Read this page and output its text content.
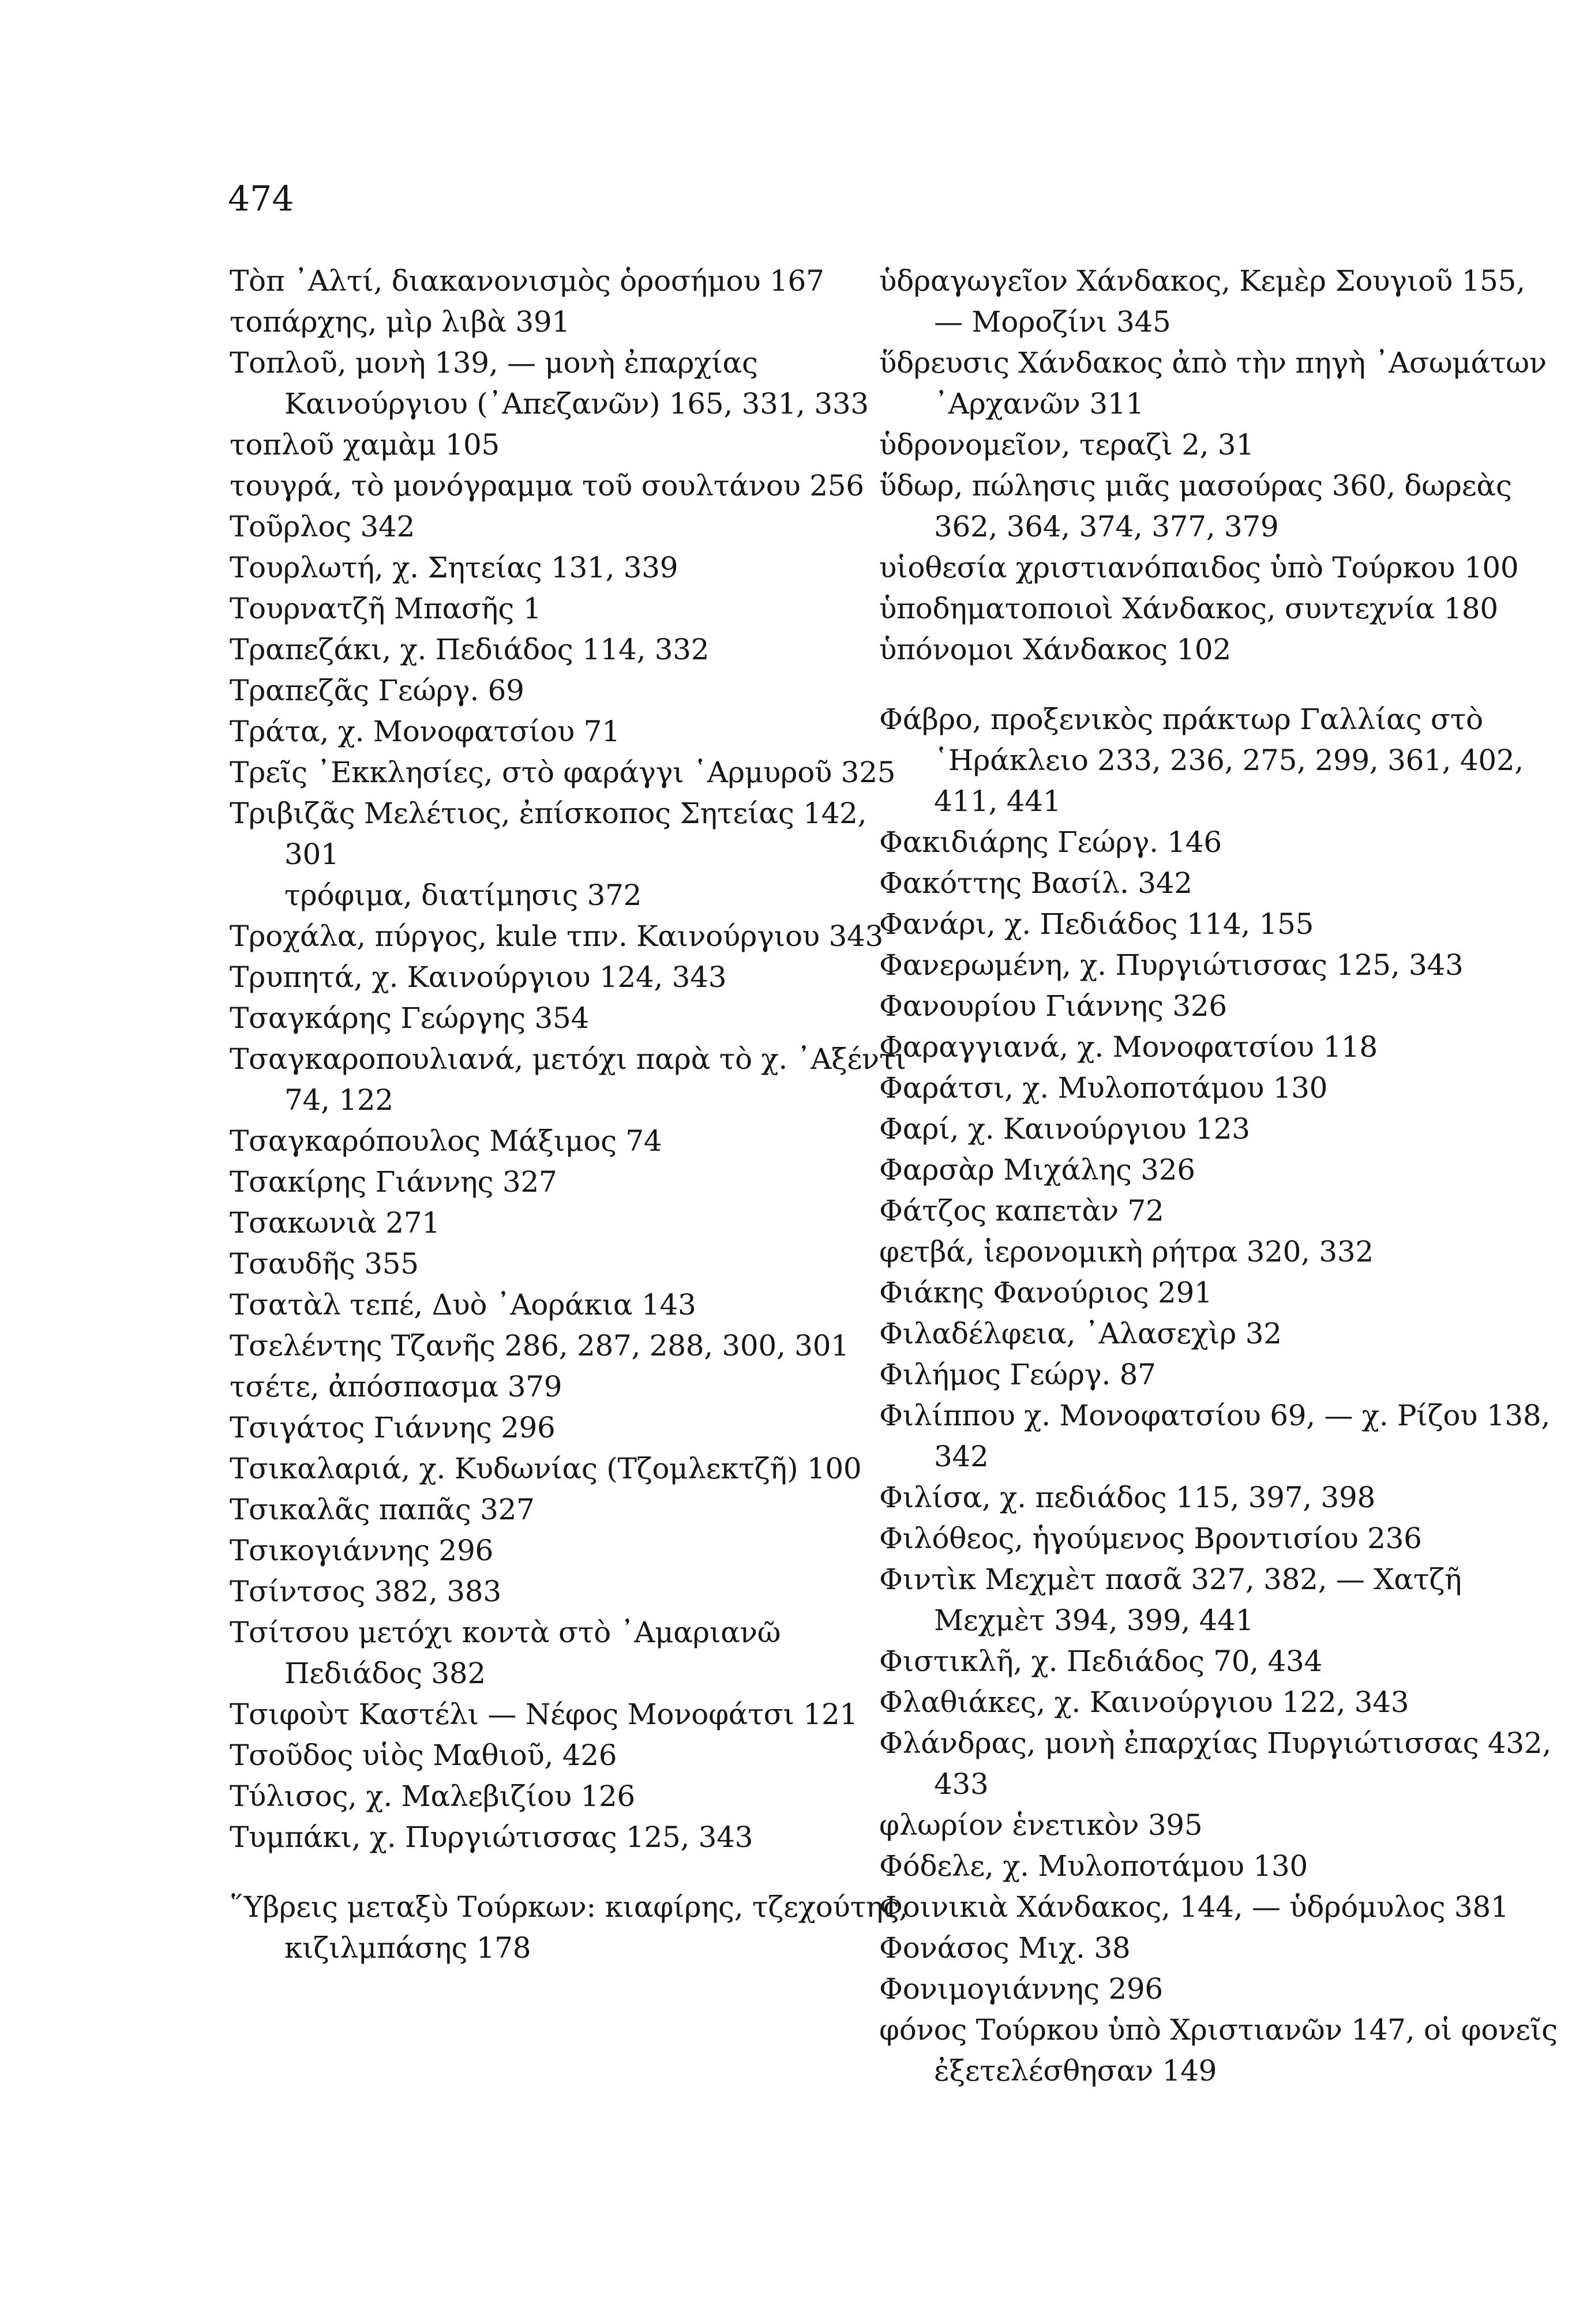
474
Τὸπ ᾽Αλτί, διακανονισμὸς ὁροσήμου 167
τοπάρχης, μὶρ λιβὰ 391
Τοπλοῦ, μονὴ 139, — μονὴ ἐπαρχίας Καινούργιου (᾽Απεζανῶν) 165, 331, 333
τοπλοῦ χαμὰμ 105
τουγρά, τὸ μονόγραμμα τοῦ σουλτάνου 256
Τοῦρλος 342
Τουρλωτή, χ. Σητείας 131, 339
Τουρνατζῆ Μπασῆς 1
Τραπεζάκι, χ. Πεδιάδος 114, 332
Τραπεζᾶς Γεώργ. 69
Τράτα, χ. Μονοφατσίου 71
Τρεῖς ᾽Εκκλησίες, στὸ φαράγγι ῾Αρμυροῦ 325
Τριβιζᾶς Μελέτιος, ἐπίσκοπος Σητείας 142, 301
τρόφιμα, διατίμησις 372
Τροχάλα, πύργος, kule τπν. Καινούργιου 343
Τρυπητά, χ. Καινούργιου 124, 343
Τσαγκάρης Γεώργης 354
Τσαγκαροπουλιανά, μετόχι παρὰ τὸ χ. ᾽Αξέντι 74, 122
Τσαγκαρόπουλος Μάξιμος 74
Τσακίρης Γιάννης 327
Τσακωνιὰ 271
Τσαυδῆς 355
Τσατὰλ τεπέ, Δυὸ ᾽Αοράκια 143
Τσελέντης Τζανῆς 286, 287, 288, 300, 301
τσέτε, ἀπόσπασμα 379
Τσιγάτος Γιάννης 296
Τσικαλαριά, χ. Κυδωνίας (Τζομλεκτζῆ) 100
Τσικαλᾶς παπᾶς 327
Τσικογιάννης 296
Τσίντσος 382, 383
Τσίτσου μετόχι κοντὰ στὸ ᾽Αμαριανῶ Πεδιάδος 382
Τσιφοὺτ Καστέλι — Νέφος Μονοφάτσι 121
Τσοῦδος υἱὸς Μαθιοῦ, 426
Τύλισος, χ. Μαλεβιζίου 126
Τυμπάκι, χ. Πυργιώτισσας 125, 343
῞Υβρεις μεταξὺ Τούρκων: κιαφίρης, τζεχούτης, κιζιλμπάσης 178
ὑδραγωγεῖον Χάνδακος, Κεμὲρ Σουγιοῦ 155, — Μοροζίνι 345
ὕδρευσις Χάνδακος ἀπὸ τὴν πηγὴ ᾽Ασωμάτων ᾽Αρχανῶν 311
ὑδρονομεῖον, τεραζὶ 2, 31
ὕδωρ, πώλησις μιᾶς μασούρας 360, δωρεὰς 362, 364, 374, 377, 379
υἱοθεσία χριστιανόπαιδος ὑπὸ Τούρκου 100
ὑποδηματοποιοὶ Χάνδακος, συντεχνία 180
ὑπόνομοι Χάνδακος 102
Φάβρο, προξενικὸς πράκτωρ Γαλλίας στὸ ῾Ηράκλειο 233, 236, 275, 299, 361, 402, 411, 441
Φακιδιάρης Γεώργ. 146
Φακόττης Βασίλ. 342
Φανάρι, χ. Πεδιάδος 114, 155
Φανερωμένη, χ. Πυργιώτισσας 125, 343
Φανουρίου Γιάννης 326
Φαραγγιανά, χ. Μονοφατσίου 118
Φαράτσι, χ. Μυλοποτάμου 130
Φαρί, χ. Καινούργιου 123
Φαρσὰρ Μιχάλης 326
Φάτζος καπετὰν 72
φετβά, ἱερονομικὴ ρήτρα 320, 332
Φιάκης Φανούριος 291
Φιλαδέλφεια, ᾽Αλασεχὶρ 32
Φιλήμος Γεώργ. 87
Φιλίππου χ. Μονοφατσίου 69, — χ. Ρίζου 138, 342
Φιλίσα, χ. πεδιάδος 115, 397, 398
Φιλόθεος, ἡγούμενος Βροντισίου 236
Φιντὶκ Μεχμὲτ πασᾶ 327, 382, — Χατζῆ Μεχμὲτ 394, 399, 441
Φιστικλῆ, χ. Πεδιάδος 70, 434
Φλαθιάκες, χ. Καινούργιου 122, 343
Φλάνδρας, μονὴ ἐπαρχίας Πυργιώτισσας 432, 433
φλωρίον ἑνετικὸν 395
Φόδελε, χ. Μυλοποτάμου 130
Φοινικιὰ Χάνδακος, 144, — ὑδρόμυλος 381
Φονάσος Μιχ. 38
Φονιμογιάννης 296
φόνος Τούρκου ὑπὸ Χριστιανῶν 147, οἱ φονεῖς ἐξετελέσθησαν 149
